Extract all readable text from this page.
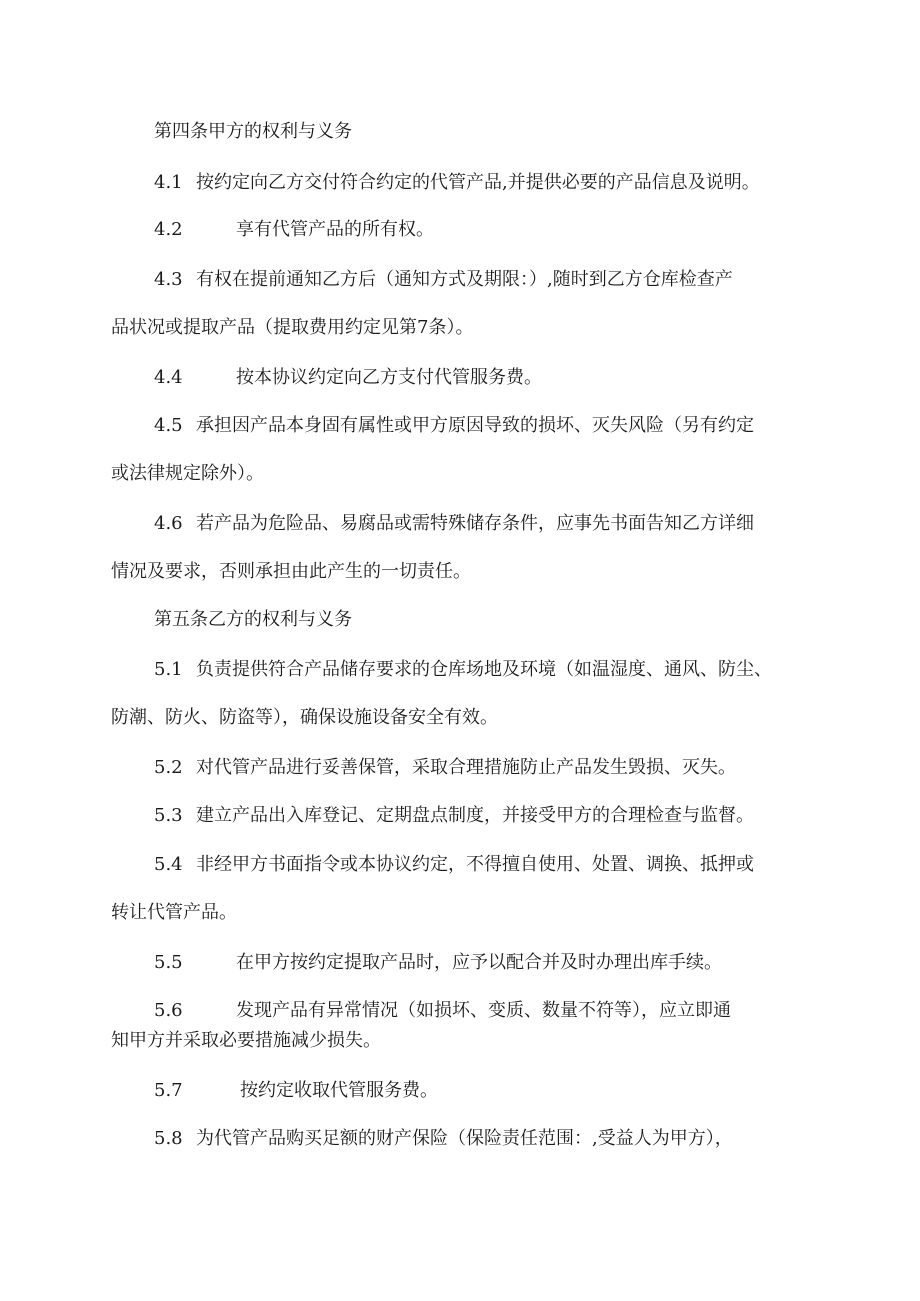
第四条甲方的权利与义务
4.1 按约定向乙方交付符合约定的代管产品,并提供必要的产品信息及说明。
4.2	享有代管产品的所有权。
4.3 有权在提前通知乙方后（通知方式及期限：）,随时到乙方仓库检查产
品状况或提取产品（提取费用约定见第7条）。
4.4	按本协议约定向乙方支付代管服务费。
4.5 承担因产品本身固有属性或甲方原因导致的损坏、灭失风险（另有约定
或法律规定除外）。
4.6 若产品为危险品、易腐品或需特殊储存条件，应事先书面告知乙方详细
情况及要求，否则承担由此产生的一切责任。
第五条乙方的权利与义务
5.1 负责提供符合产品储存要求的仓库场地及环境（如温湿度、通风、防尘、
防潮、防火、防盗等），确保设施设备安全有效。
5.2 对代管产品进行妥善保管，采取合理措施防止产品发生毁损、灭失。
5.3 建立产品出入库登记、定期盘点制度，并接受甲方的合理检查与监督。
5.4 非经甲方书面指令或本协议约定，不得擅自使用、处置、调换、抵押或
转让代管产品。
5.5	在甲方按约定提取产品时，应予以配合并及时办理出库手续。
5.6	发现产品有异常情况（如损坏、变质、数量不符等），应立即通
知甲方并采取必要措施减少损失。
5.7	按约定收取代管服务费。
5.8 为代管产品购买足额的财产保险（保险责任范围：,受益人为甲方），
